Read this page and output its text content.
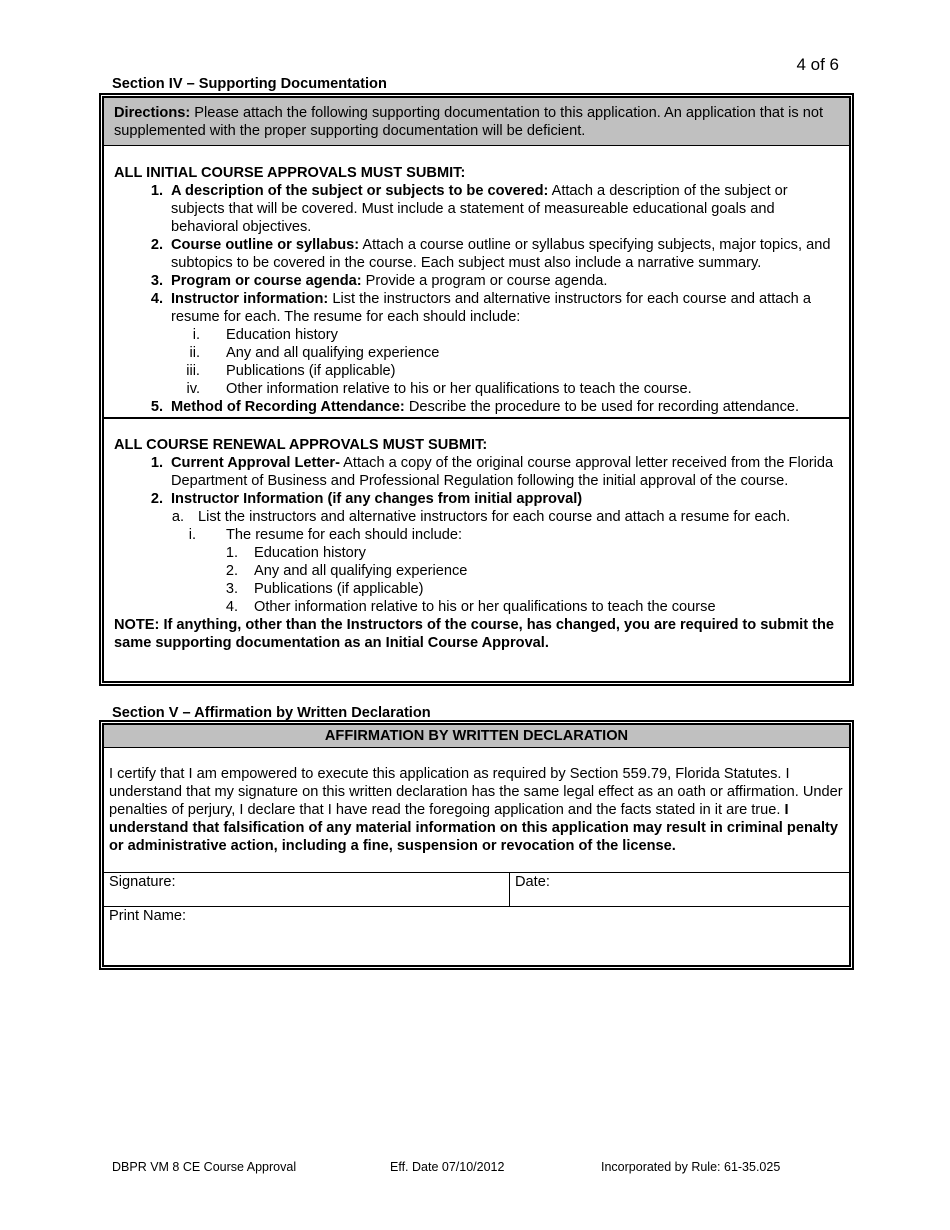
4 of 6
Section IV – Supporting Documentation
Directions: Please attach the following supporting documentation to this application. An application that is not supplemented with the proper supporting documentation will be deficient.
ALL INITIAL COURSE APPROVALS MUST SUBMIT:
1. A description of the subject or subjects to be covered: Attach a description of the subject or subjects that will be covered. Must include a statement of measureable educational goals and behavioral objectives.
2. Course outline or syllabus: Attach a course outline or syllabus specifying subjects, major topics, and subtopics to be covered in the course. Each subject must also include a narrative summary.
3. Program or course agenda: Provide a program or course agenda.
4. Instructor information: List the instructors and alternative instructors for each course and attach a resume for each. The resume for each should include:
i. Education history
ii. Any and all qualifying experience
iii. Publications (if applicable)
iv. Other information relative to his or her qualifications to teach the course.
5. Method of Recording Attendance: Describe the procedure to be used for recording attendance.
ALL COURSE RENEWAL APPROVALS MUST SUBMIT:
1. Current Approval Letter- Attach a copy of the original course approval letter received from the Florida Department of Business and Professional Regulation following the initial approval of the course.
2. Instructor Information (if any changes from initial approval)
a. List the instructors and alternative instructors for each course and attach a resume for each.
i. The resume for each should include:
1. Education history
2. Any and all qualifying experience
3. Publications (if applicable)
4. Other information relative to his or her qualifications to teach the course
NOTE: If anything, other than the Instructors of the course, has changed, you are required to submit the same supporting documentation as an Initial Course Approval.
Section V – Affirmation by Written Declaration
AFFIRMATION BY WRITTEN DECLARATION
I certify that I am empowered to execute this application as required by Section 559.79, Florida Statutes. I understand that my signature on this written declaration has the same legal effect as an oath or affirmation. Under penalties of perjury, I declare that I have read the foregoing application and the facts stated in it are true. I understand that falsification of any material information on this application may result in criminal penalty or administrative action, including a fine, suspension or revocation of the license.
Signature:	Date:
Print Name:
DBPR VM 8 CE Course Approval	Eff. Date 07/10/2012	Incorporated by Rule: 61-35.025
